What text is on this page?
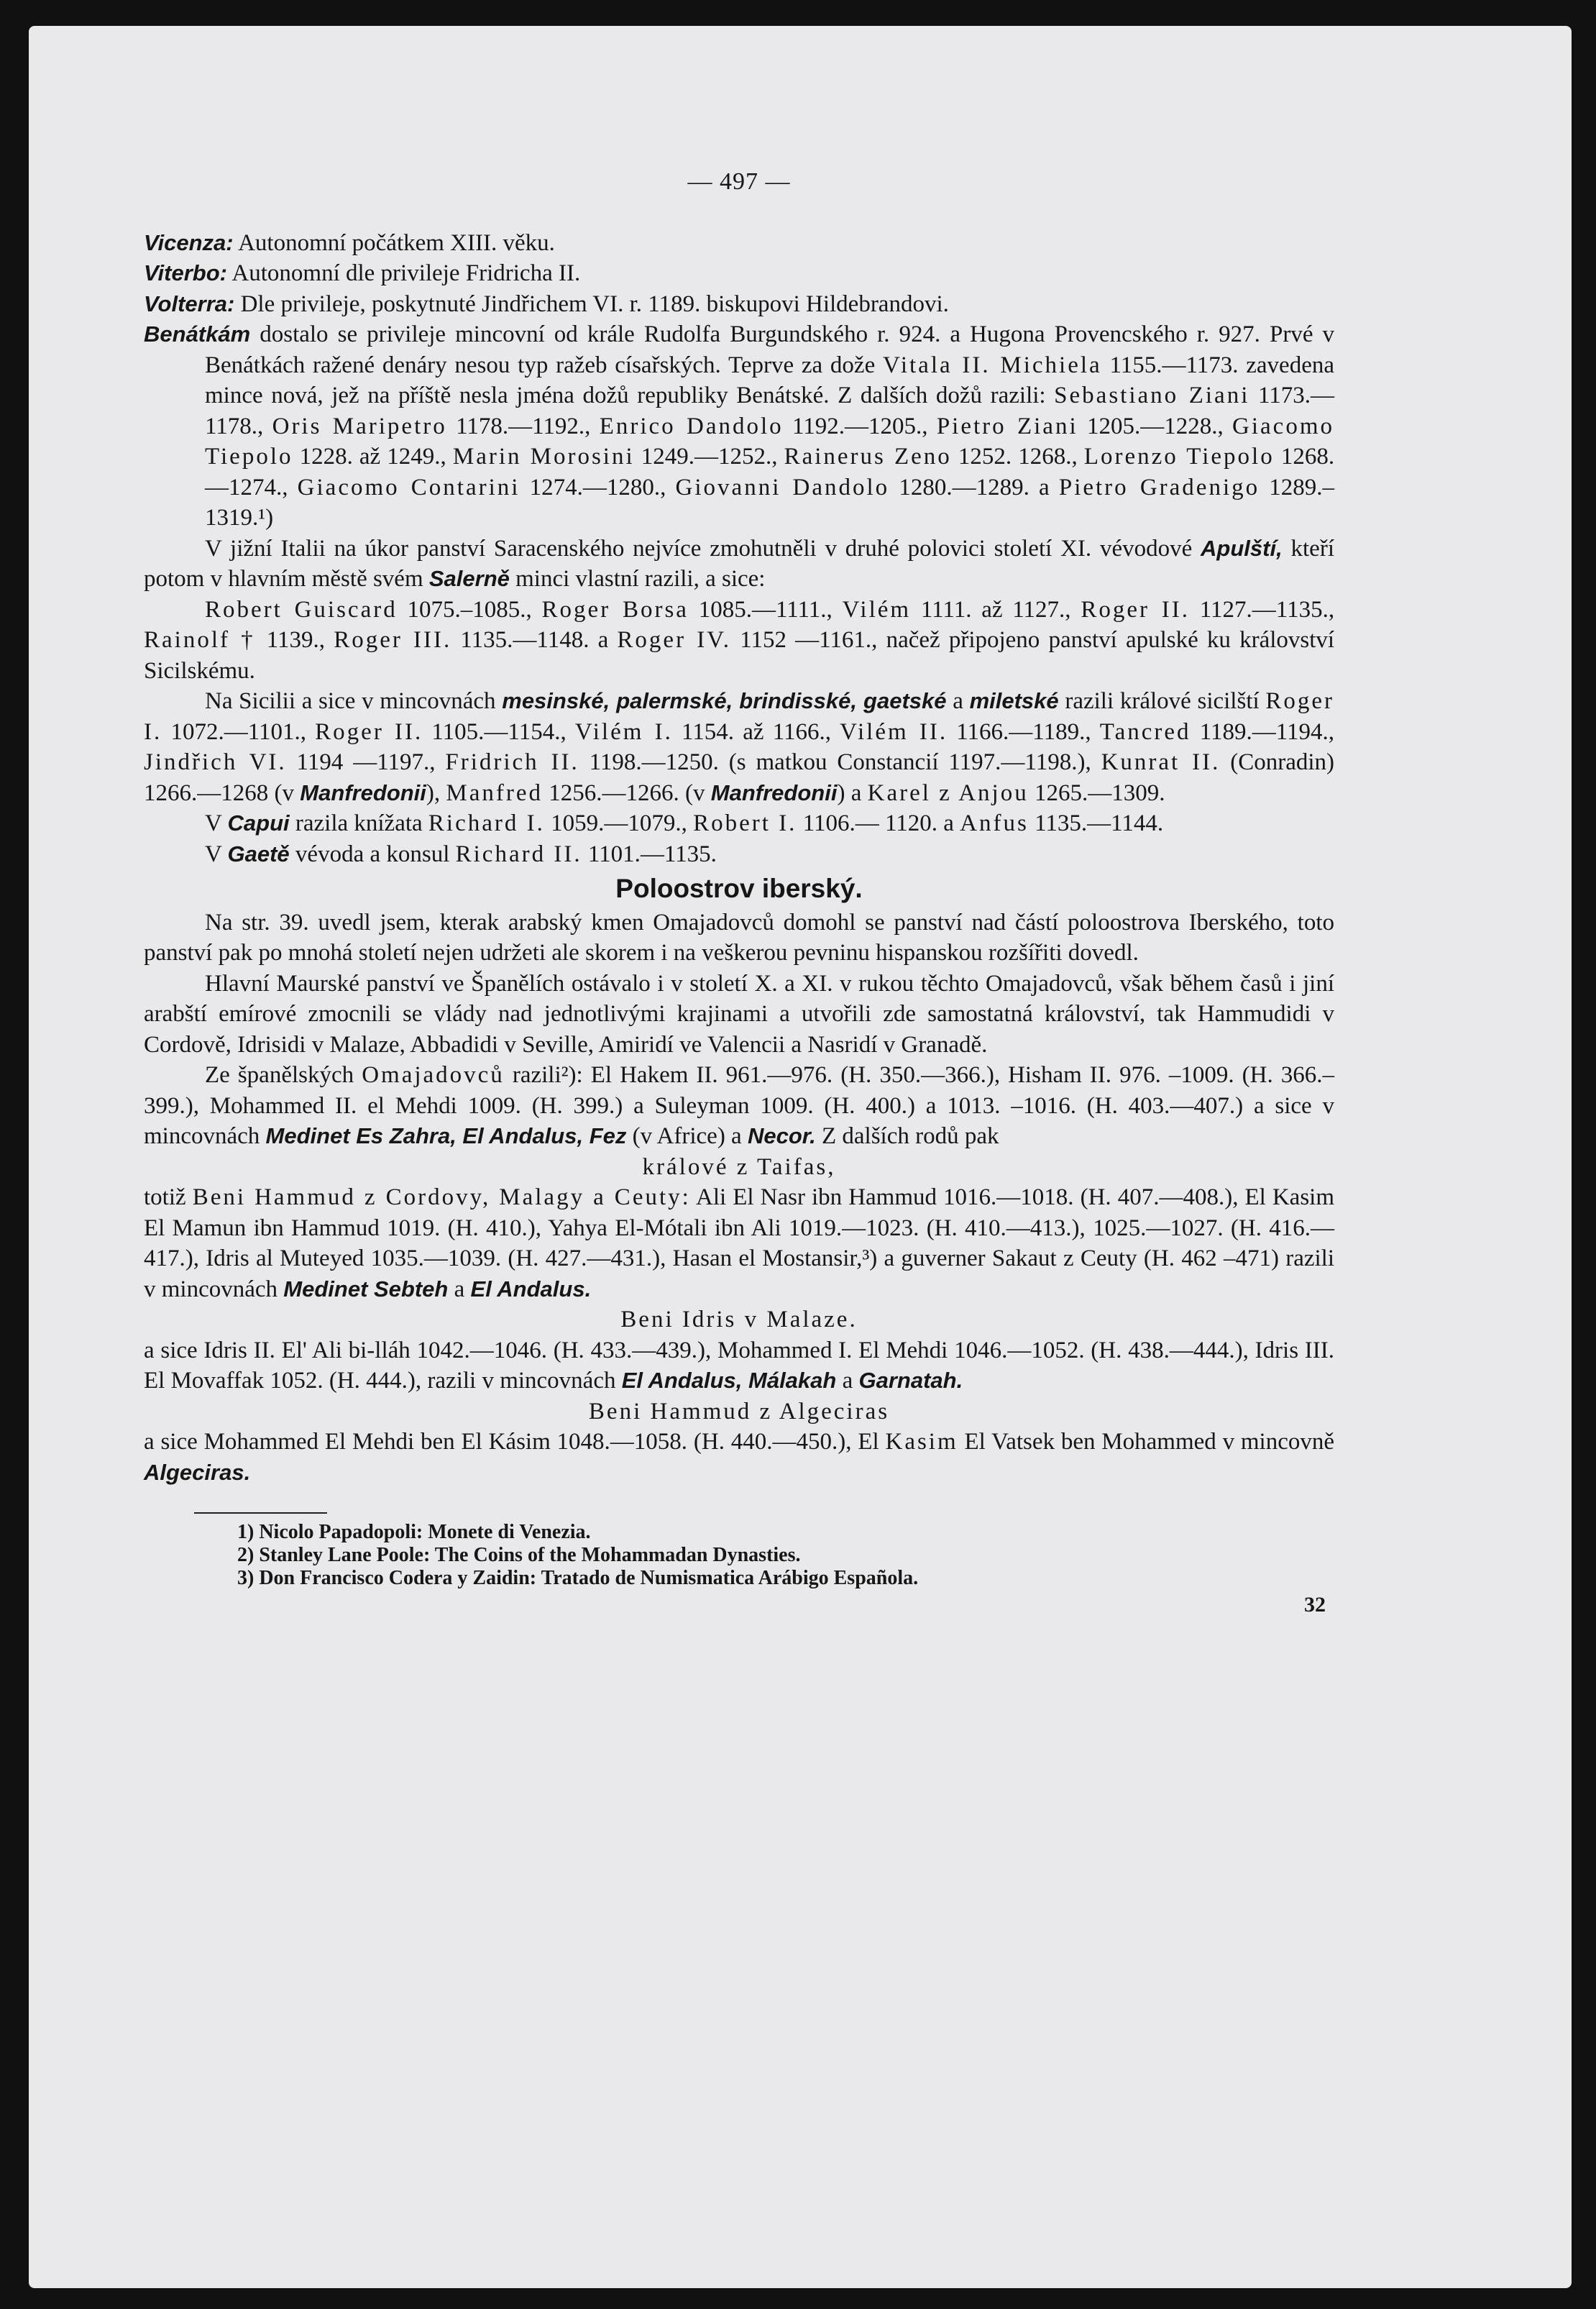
— 497 —

Vicenza: Autonomní počátkem XIII. věku.

Viterbo: Autonomní dle privileje Fridricha II.

Volterra: Dle privileje, poskytnuté Jindřichem VI. r. 1189. biskupovi Hildebrandovi.

Benátkám dostalo se privileje mincovní od krále Rudolfa Burgundského r. 924. a Hugona Provencského r. 927. Prvé v Benátkách ražené denáry nesou typ ražeb císařských. Teprve za dože Vitala II. Michiela 1155.—1173. zavedena mince nová, jež na příště nesla jména dožů republiky Benátské. Z dalších dožů razili: Sebastiano Ziani 1173.—1178., Oris Maripetro 1178.—1192., Enrico Dandolo 1192.—1205., Pietro Ziani 1205.—1228., Giacomo Tiepolo 1228. až 1249., Marin Morosini 1249.—1252., Rainerus Zeno 1252. 1268., Lorenzo Tiepolo 1268.—1274., Giacomo Contarini 1274.—1280., Giovanni Dandolo 1280.—1289. a Pietro Gradenigo 1289.–1319.¹)

V jižní Italii na úkor panství Saracenského nejvíce zmohutněli v druhé polovici století XI. vévodové Apulští, kteří potom v hlavním městě svém Salerně minci vlastní razili, a sice:

Robert Guiscard 1075.–1085., Roger Borsa 1085.—1111., Vilém 1111. až 1127., Roger II. 1127.—1135., Rainolf † 1139., Roger III. 1135.—1148. a Roger IV. 1152 —1161., načež připojeno panství apulské ku království Sicilskému.

Na Sicilii a sice v mincovnách mesinské, palermské, brindisské, gaetské a miletské razili králové sicilští Roger I. 1072.—1101., Roger II. 1105.—1154., Vilém I. 1154. až 1166., Vilém II. 1166.—1189., Tancred 1189.—1194., Jindřich VI. 1194 —1197., Fridrich II. 1198.—1250. (s matkou Constancií 1197.—1198.), Kunrat II. (Conradin) 1266.—1268 (v Manfredonii), Manfred 1256.—1266. (v Manfredonii) a Karel z Anjou 1265.—1309.

V Capui razila knížata Richard I. 1059.—1079., Robert I. 1106.— 1120. a Anfus 1135.—1144.

V Gaetě vévoda a konsul Richard II. 1101.—1135.

Poloostrov iberský.

Na str. 39. uvedl jsem, kterak arabský kmen Omajadovců domohl se panství nad částí poloostrova Iberského, toto panství pak po mnohá století nejen udržeti ale skorem i na veškerou pevninu hispanskou rozšířiti dovedl.

Hlavní Maurské panství ve Španělích ostávalo i v století X. a XI. v rukou těchto Omajadovců, však během časů i jiní arabští emírové zmocnili se vlády nad jednotlivými krajinami a utvořili zde samostatná království, tak Hammudidi v Cordově, Idrisidi v Malaze, Abbadidi v Seville, Amiridí ve Valencii a Nasridí v Granadě.

Ze španělských Omajadovců razili²): El Hakem II. 961.—976. (H. 350.—366.), Hisham II. 976. –1009. (H. 366.– 399.), Mohammed II. el Mehdi 1009. (H. 399.) a Suleyman 1009. (H. 400.) a 1013. –1016. (H. 403.—407.) a sice v mincovnách Medinet Es Zahra, El Andalus, Fez (v Africe) a Necor. Z dalších rodů pak

králové z Taifas,

totiž Beni Hammud z Cordovy, Malagy a Ceuty: Ali El Nasr ibn Hammud 1016.—1018. (H. 407.—408.), El Kasim El Mamun ibn Hammud 1019. (H. 410.), Yahya El-Mótali ibn Ali 1019.—1023. (H. 410.—413.), 1025.—1027. (H. 416.—417.), Idris al Muteyed 1035.—1039. (H. 427.—431.), Hasan el Mostansir,³) a guverner Sakaut z Ceuty (H. 462 –471) razili v mincovnách Medinet Sebteh a El Andalus.

Beni Idris v Malaze.

a sice Idris II. El' Ali bi-lláh 1042.—1046. (H. 433.—439.), Mohammed I. El Mehdi 1046.—1052. (H. 438.—444.), Idris III. El Movaffak 1052. (H. 444.), razili v mincovnách El Andalus, Málakah a Garnatah.

Beni Hammud z Algeciras

a sice Mohammed El Mehdi ben El Kásim 1048.—1058. (H. 440.—450.), El Kasim El Vatsek ben Mohammed v mincovně Algeciras.

1) Nicolo Papadopoli: Monete di Venezia.
2) Stanley Lane Poole: The Coins of the Mohammadan Dynasties.
3) Don Francisco Codera y Zaidin: Tratado de Numismatica Arábigo Española.
32
